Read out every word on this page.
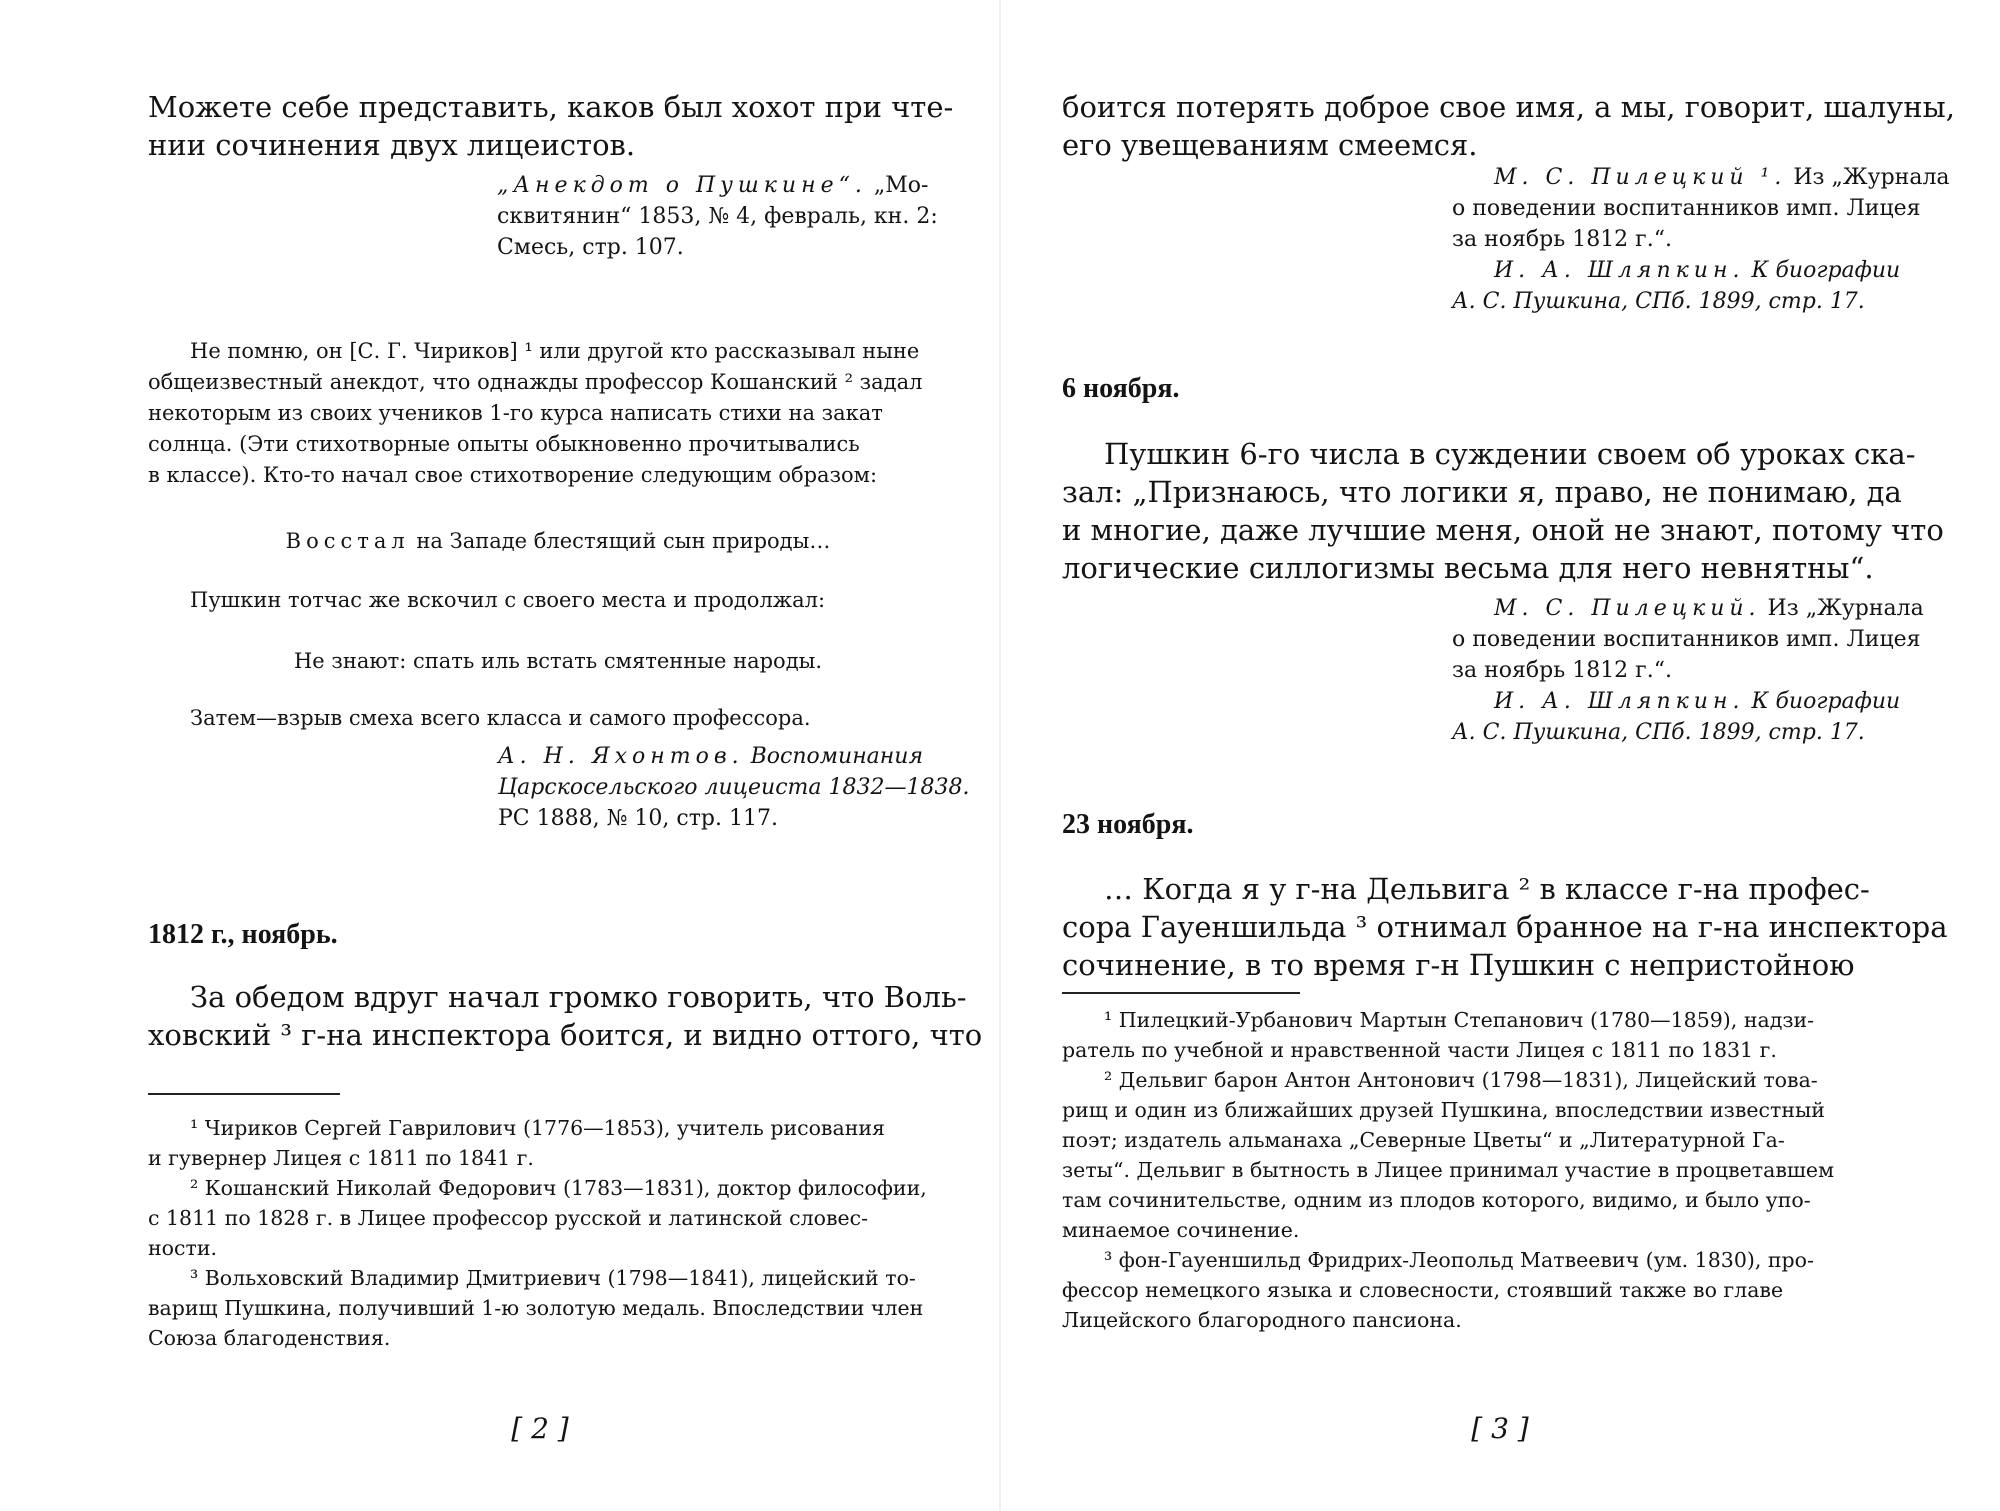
Можете себе представить, каков был хохот при чте-
нии сочинения двух лицеистов.
„Анекдот о Пушкине“. „Мо-
сквитянин“ 1853, № 4, февраль, кн. 2:
Смесь, стр. 107.
Не помню, он [С. Г. Чириков] ¹ или другой кто рассказывал ныне
общеизвестный анекдот, что однажды профессор Кошанский ² задал
некоторым из своих учеников 1-го курса написать стихи на закат
солнца. (Эти стихотворные опыты обыкновенно прочитывались
в классе). Кто-то начал свое стихотворение следующим образом:
Восстал на Западе блестящий сын природы…
Пушкин тотчас же вскочил с своего места и продолжал:
Не знают: спать иль встать смятенные народы.
Затем—взрыв смеха всего класса и самого профессора.
А. Н. Яхонтов. Воспоминания
Царскосельского лицеиста 1832—1838.
РС 1888, № 10, стр. 117.
1812 г., ноябрь.
За обедом вдруг начал громко говорить, что Воль-
ховский ³ г-на инспектора боится, и видно оттого, что
¹ Чириков Сергей Гаврилович (1776—1853), учитель рисования
и гувернер Лицея с 1811 по 1841 г.
² Кошанский Николай Федорович (1783—1831), доктор философии,
с 1811 по 1828 г. в Лицее профессор русской и латинской словес-
ности.
³ Вольховский Владимир Дмитриевич (1798—1841), лицейский то-
варищ Пушкина, получивший 1-ю золотую медаль. Впоследствии член
Союза благоденствия.
[ 2 ]
боится потерять доброе свое имя, а мы, говорит, шалуны,
его увещеваниям смеемся.
М. С. Пилецкий ¹. Из „Журнала
о поведении воспитанников имп. Лицея
за ноябрь 1812 г.“.
И. А. Шляпкин. К биографии
А. С. Пушкина, СПб. 1899, стр. 17.
6 ноября.
Пушкин 6-го числа в суждении своем об уроках ска-
зал: „Признаюсь, что логики я, право, не понимаю, да
и многие, даже лучшие меня, оной не знают, потому что
логические силлогизмы весьма для него невнятны“.
М. С. Пилецкий. Из „Журнала
о поведении воспитанников имп. Лицея
за ноябрь 1812 г.“.
И. А. Шляпкин. К биографии
А. С. Пушкина, СПб. 1899, стр. 17.
23 ноября.
… Когда я у г-на Дельвига ² в классе г-на профес-
сора Гауеншильда ³ отнимал бранное на г-на инспектора
сочинение, в то время г-н Пушкин с непристойною
¹ Пилецкий-Урбанович Мартын Степанович (1780—1859), надзи-
ратель по учебной и нравственной части Лицея с 1811 по 1831 г.
² Дельвиг барон Антон Антонович (1798—1831), Лицейский това-
рищ и один из ближайших друзей Пушкина, впоследствии известный
поэт; издатель альманаха „Северные Цветы“ и „Литературной Га-
зеты“. Дельвиг в бытность в Лицее принимал участие в процветавшем
там сочинительстве, одним из плодов которого, видимо, и было упо-
минаемое сочинение.
³ фон-Гауеншильд Фридрих-Леопольд Матвеевич (ум. 1830), про-
фессор немецкого языка и словесности, стоявший также во главе
Лицейского благородного пансиона.
[ 3 ]
